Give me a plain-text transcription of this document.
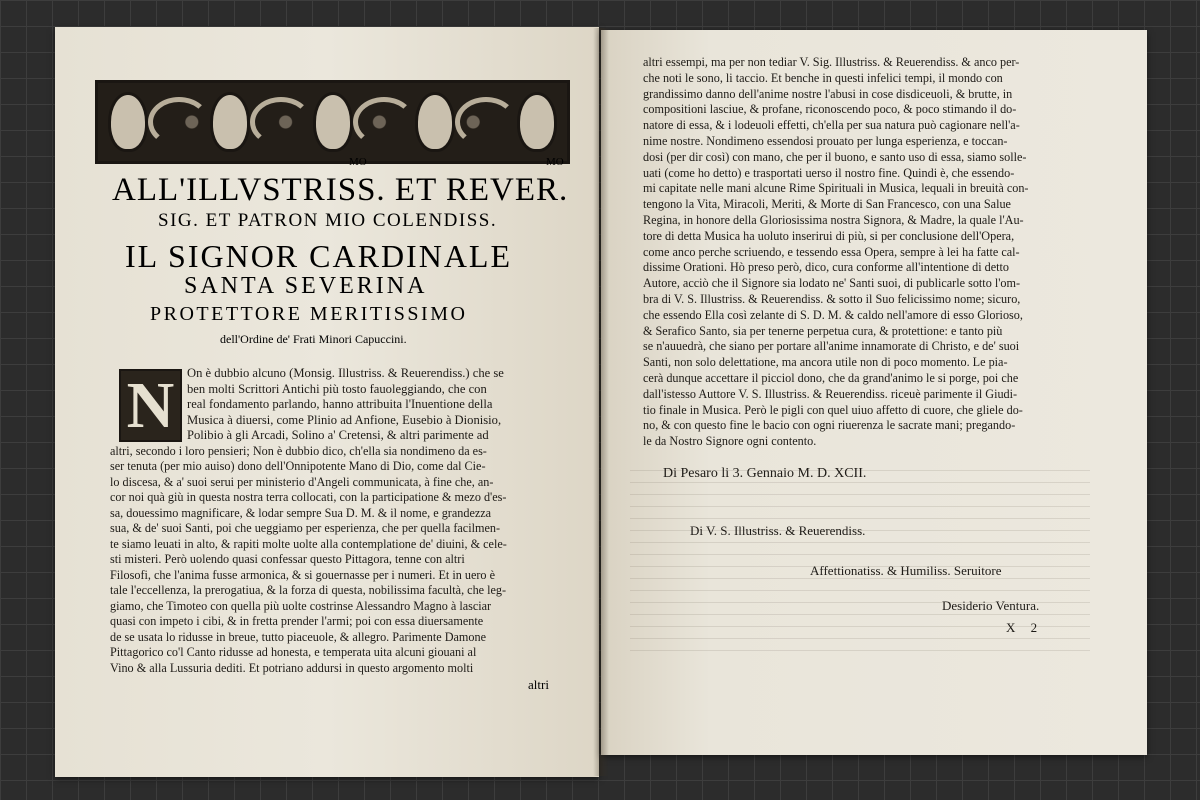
MO	MO
ALL'ILLVSTRISS. ET REVER.
SIG. ET PATRON MIO COLENDISS.
IL SIGNOR CARDINALE
SANTA SEVERINA
PROTETTORE MERITISSIMO
dell'Ordine de' Frati Minori Capuccini.
N	On è dubbio alcuno (Monsig. Illustriss. & Reuerendiss.) che se
ben molti Scrittori Antichi più tosto fauoleggiando, che con
real fondamento parlando, hanno attribuita l'Inuentione della
Musica à diuersi, come Plinio ad Anfione, Eusebio à Dionisio,
Polibio à gli Arcadi, Solino a' Cretensi, & altri parimente ad
altri, secondo i loro pensieri; Non è dubbio dico, ch'ella sia nondimeno da es-
ser tenuta (per mio auiso) dono dell'Onnipotente Mano di Dio, come dal Cie-
lo discesa, & a' suoi serui per ministerio d'Angeli communicata, à fine che, an-
cor noi quà giù in questa nostra terra collocati, con la participatione & mezo d'es-
sa, douessimo magnificare, & lodar sempre Sua D. M. & il nome, e grandezza
sua, & de' suoi Santi, poi che ueggiamo per esperienza, che per quella facilmen-
te siamo leuati in alto, & rapiti molte uolte alla contemplatione de' diuini, & cele-
sti misteri. Però uolendo quasi confessar questo Pittagora, tenne con altri
Filosofi, che l'anima fusse armonica, & si gouernasse per i numeri. Et in uero è
tale l'eccellenza, la prerogatiua, & la forza di questa, nobilissima facultà, che leg-
giamo, che Timoteo con quella più uolte costrinse Alessandro Magno à lasciar
quasi con impeto i cibi, & in fretta prender l'armi; poi con essa diuersamente
de se usata lo ridusse in breue, tutto piaceuole, & allegro. Parimente Damone
Pittagorico co'l Canto ridusse ad honesta, e temperata uita alcuni giouani al
Vino & alla Lussuria dediti. Et potriano addursi in questo argomento molti
altri
altri essempi, ma per non tediar V. Sig. Illustriss. & Reuerendiss. & anco per-
che noti le sono, li taccio. Et benche in questi infelici tempi, il mondo con
grandissimo danno dell'anime nostre l'abusi in cose disdiceuoli, & brutte, in
compositioni lasciue, & profane, riconoscendo poco, & poco stimando il do-
natore di essa, & i lodeuoli effetti, ch'ella per sua natura può cagionare nell'a-
nime nostre. Nondimeno essendosi prouato per lunga esperienza, e toccan-
dosi (per dir così) con mano, che per il buono, e santo uso di essa, siamo solle-
uati (come ho detto) e trasportati uerso il nostro fine. Quindi è, che essendo-
mi capitate nelle mani alcune Rime Spirituali in Musica, lequali in breuità con-
tengono la Vita, Miracoli, Meriti, & Morte di San Francesco, con una Salue
Regina, in honore della Gloriosissima nostra Signora, & Madre, la quale l'Au-
tore di detta Musica ha uoluto inserirui di più, si per conclusione dell'Opera,
come anco perche scriuendo, e tessendo essa Opera, sempre à lei ha fatte cal-
dissime Orationi. Hò preso però, dico, cura conforme all'intentione di detto
Autore, acciò che il Signore sia lodato ne' Santi suoi, di publicarle sotto l'om-
bra di V. S. Illustriss. & Reuerendiss. & sotto il Suo felicissimo nome; sicuro,
che essendo Ella così zelante di S. D. M. & caldo nell'amore di esso Glorioso,
& Serafico Santo, sia per tenerne perpetua cura, & protettione: e tanto più
se n'auuedrà, che siano per portare all'anime innamorate di Christo, e de' suoi
Santi, non solo delettatione, ma ancora utile non di poco momento. Le pia-
cerà dunque accettare il picciol dono, che da grand'animo le si porge, poi che
dall'istesso Auttore V. S. Illustriss. & Reuerendiss. riceuè parimente il Giudi-
tio finale in Musica. Però le pigli con quel uiuo affetto di cuore, che gliele do-
no, & con questo fine le bacio con ogni riuerenza le sacrate mani; pregando-
le da Nostro Signore ogni contento.
Di Pesaro li 3. Gennaio M. D. XCII.
Di V. S. Illustriss. & Reuerendiss.
Affettionatiss. & Humiliss. Seruitore
Desiderio Ventura.
X 2
